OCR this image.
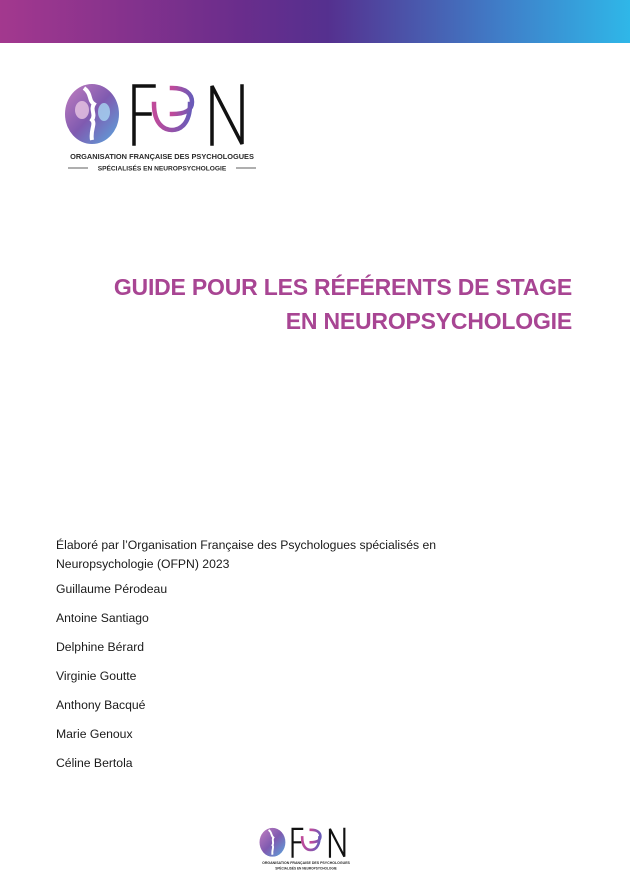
ORGANISATION FRANÇAISE DES PSYCHOLOGUES
SPÉCIALISÉS EN NEUROPSYCHOLOGIE
GUIDE POUR LES RÉFÉRENTS DE STAGE
EN NEUROPSYCHOLOGIE
Élaboré par l’Organisation Française des Psychologues spécialisés en
Neuropsychologie (OFPN) 2023
Guillaume Pérodeau
Antoine Santiago
Delphine Bérard
Virginie Goutte
Anthony Bacqué
Marie Genoux
Céline Bertola
ORGANISATION FRANÇAISE DES PSYCHOLOGUES
SPÉCIALISÉS EN NEUROPSYCHOLOGIE
